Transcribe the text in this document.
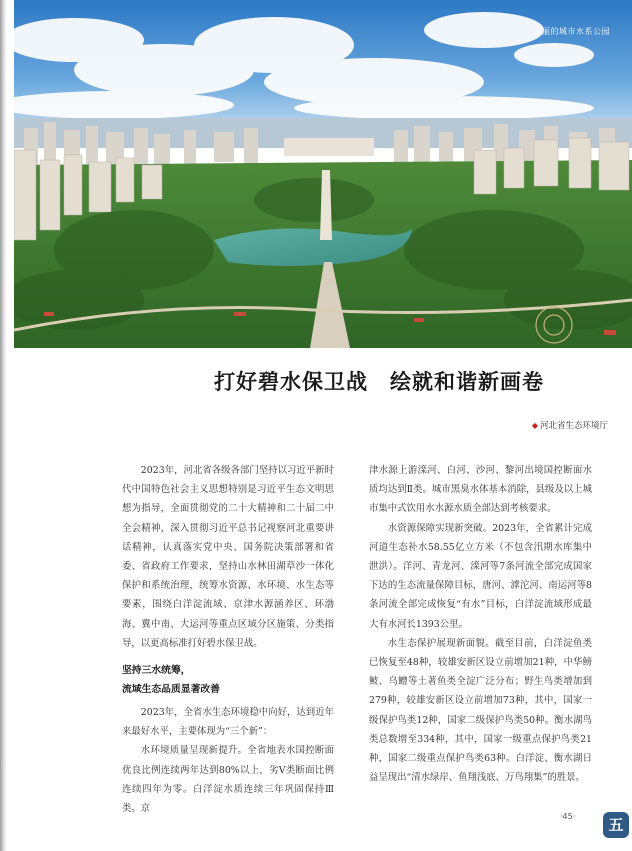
美丽的城市水系公园
打好碧水保卫战　绘就和谐新画卷
◆ 河北省生态环境厅

2023年，河北省各级各部门坚持以习近平新时代中国特色社会主义思想特别是习近平生态文明思想为指导，全面贯彻党的二十大精神和二十届二中全会精神，深入贯彻习近平总书记视察河北重要讲话精神，认真落实党中央、国务院决策部署和省委、省政府工作要求，坚持山水林田湖草沙一体化保护和系统治理，统筹水资源、水环境、水生态等要素，围绕白洋淀流域、京津水源涵养区、环渤海、冀中南、大运河等重点区域分区施策、分类指导，以更高标准打好碧水保卫战。

坚持三水统筹，
流域生态品质显著改善

2023年，全省水生态环境稳中向好，达到近年来最好水平，主要体现为“三个新”：

水环境质量呈现新提升。全省地表水国控断面优良比例连续两年达到80%以上，劣Ⅴ类断面比例连续四年为零。白洋淀水质连续三年巩固保持Ⅲ类。京

津水源上游滦河、白河、沙河、黎河出境国控断面水质均达到Ⅱ类。城市黑臭水体基本消除，县级及以上城市集中式饮用水水源水质全部达到考核要求。

水资源保障实现新突破。2023年，全省累计完成河道生态补水58.55亿立方米（不包含汛期水库集中泄洪）。洋河、青龙河、滦河等7条河流全部完成国家下达的生态流量保障目标，唐河、滹沱河、南运河等8条河流全部完成恢复“有水”目标，白洋淀流域形成最大有水河长1393公里。

水生态保护展现新面貌。截至目前，白洋淀鱼类已恢复至48种，较雄安新区设立前增加21种，中华鳑鲏、乌鳢等土著鱼类全淀广泛分布；野生鸟类增加到279种，较雄安新区设立前增加73种，其中，国家一级保护鸟类12种，国家二级保护鸟类50种。衡水湖鸟类总数增至334种，其中，国家一级重点保护鸟类21种，国家二级重点保护鸟类63种。白洋淀、衡水湖日益呈现出“清水绿岸、鱼翔浅底、万鸟翔集”的胜景。

·45·	五
